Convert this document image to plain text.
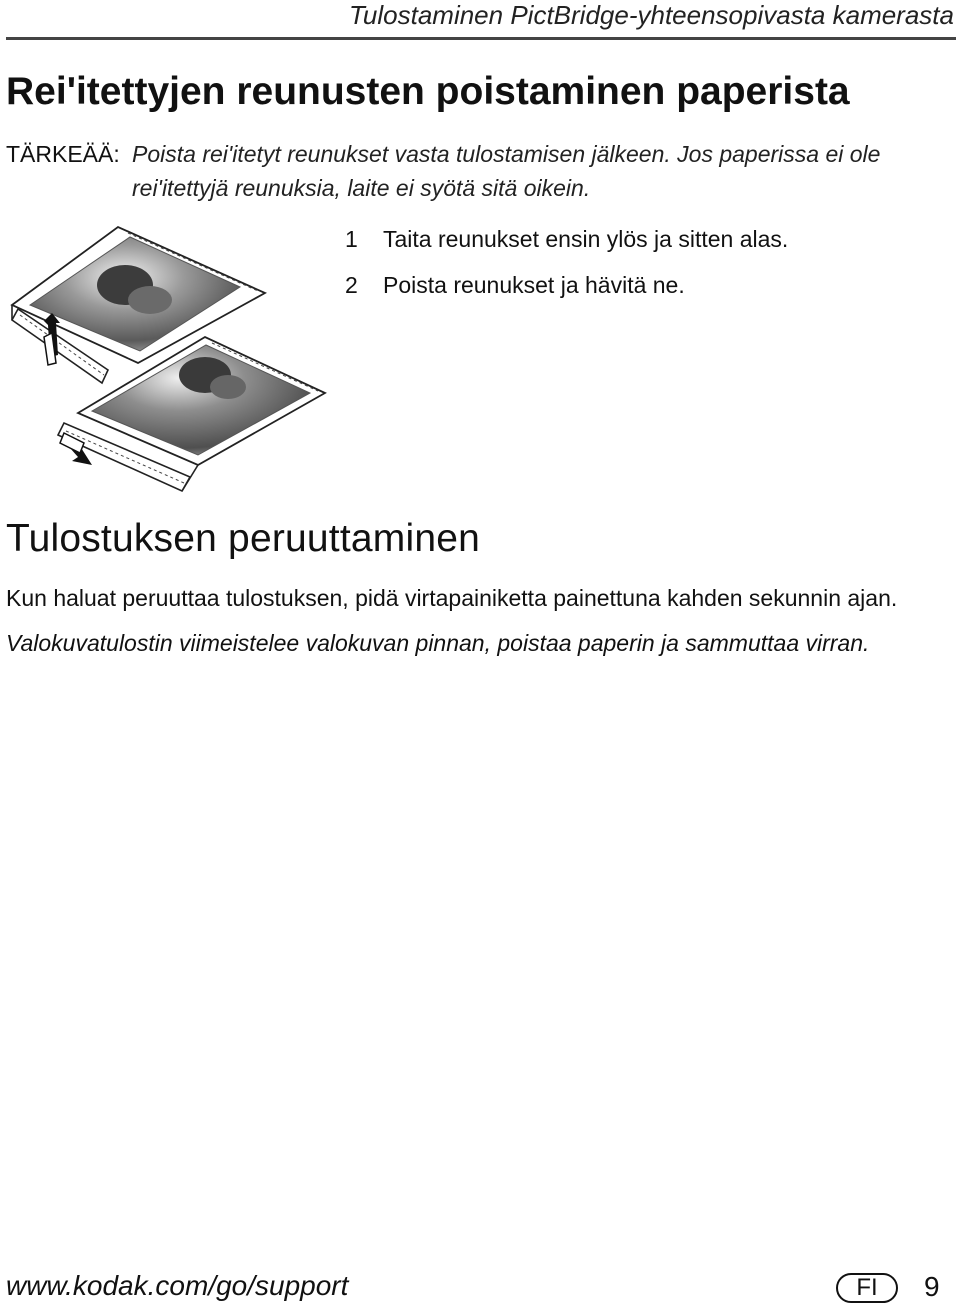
Tulostaminen PictBridge-yhteensopivasta kamerasta
Rei'itettyjen reunusten poistaminen paperista
TÄRKEÄÄ: Poista rei'itetyt reunukset vasta tulostamisen jälkeen. Jos paperissa ei ole rei'itettyjä reunuksia, laite ei syötä sitä oikein.
1 Taita reunukset ensin ylös ja sitten alas.
2 Poista reunukset ja hävitä ne.
Tulostuksen peruuttaminen
Kun haluat peruuttaa tulostuksen, pidä virtapainiketta painettuna kahden sekunnin ajan.
Valokuvatulostin viimeistelee valokuvan pinnan, poistaa paperin ja sammuttaa virran.
www.kodak.com/go/support	FI	9
